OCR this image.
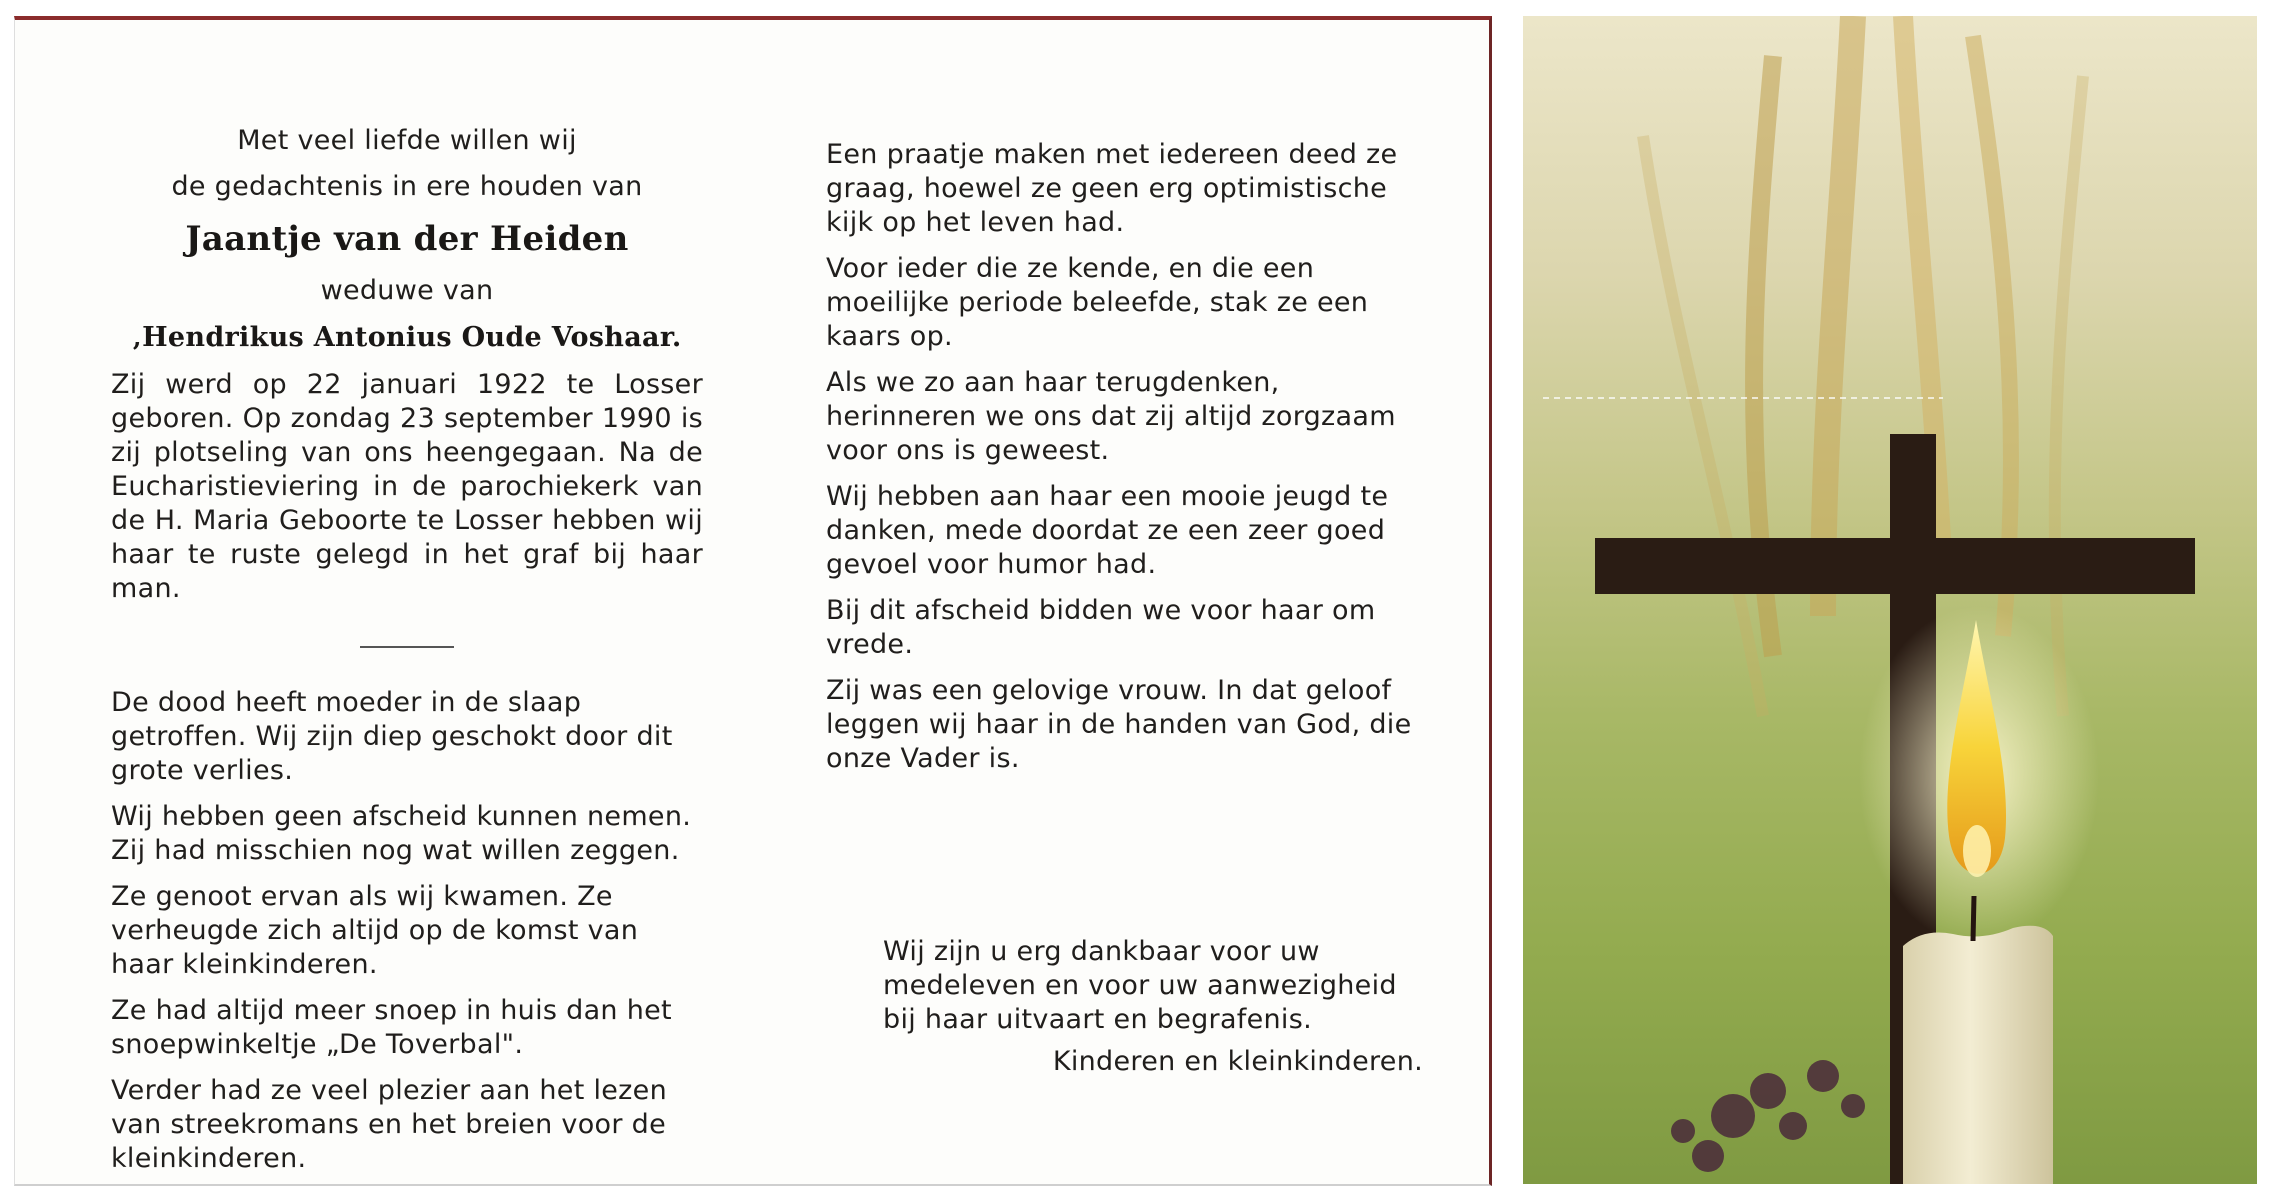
Met veel liefde willen wij

de gedachtenis in ere houden van

Jaantje van der Heiden

weduwe van

‚Hendrikus Antonius Oude Voshaar.

Zij werd op 22 januari 1922 te Losser geboren. Op zondag 23 september 1990 is zij plotseling van ons heengegaan. Na de Eucharistieviering in de parochiekerk van de H. Maria Geboorte te Losser hebben wij haar te ruste gelegd in het graf bij haar man.

De dood heeft moeder in de slaap getroffen. Wij zijn diep geschokt door dit grote verlies.

Wij hebben geen afscheid kunnen nemen. Zij had misschien nog wat willen zeggen.

Ze genoot ervan als wij kwamen. Ze verheugde zich altijd op de komst van haar kleinkinderen.

Ze had altijd meer snoep in huis dan het snoepwinkeltje „De Toverbal".

Verder had ze veel plezier aan het lezen van streekromans en het breien voor de kleinkinderen.

Een praatje maken met iedereen deed ze graag, hoewel ze geen erg optimistische kijk op het leven had.

Voor ieder die ze kende, en die een moeilijke periode beleefde, stak ze een kaars op.

Als we zo aan haar terugdenken, herinneren we ons dat zij altijd zorgzaam voor ons is geweest.

Wij hebben aan haar een mooie jeugd te danken, mede doordat ze een zeer goed gevoel voor humor had.

Bij dit afscheid bidden we voor haar om vrede.

Zij was een gelovige vrouw. In dat geloof leggen wij haar in de handen van God, die onze Vader is.

Wij zijn u erg dankbaar voor uw medeleven en voor uw aanwezigheid bij haar uitvaart en begrafenis.

Kinderen en kleinkinderen.
